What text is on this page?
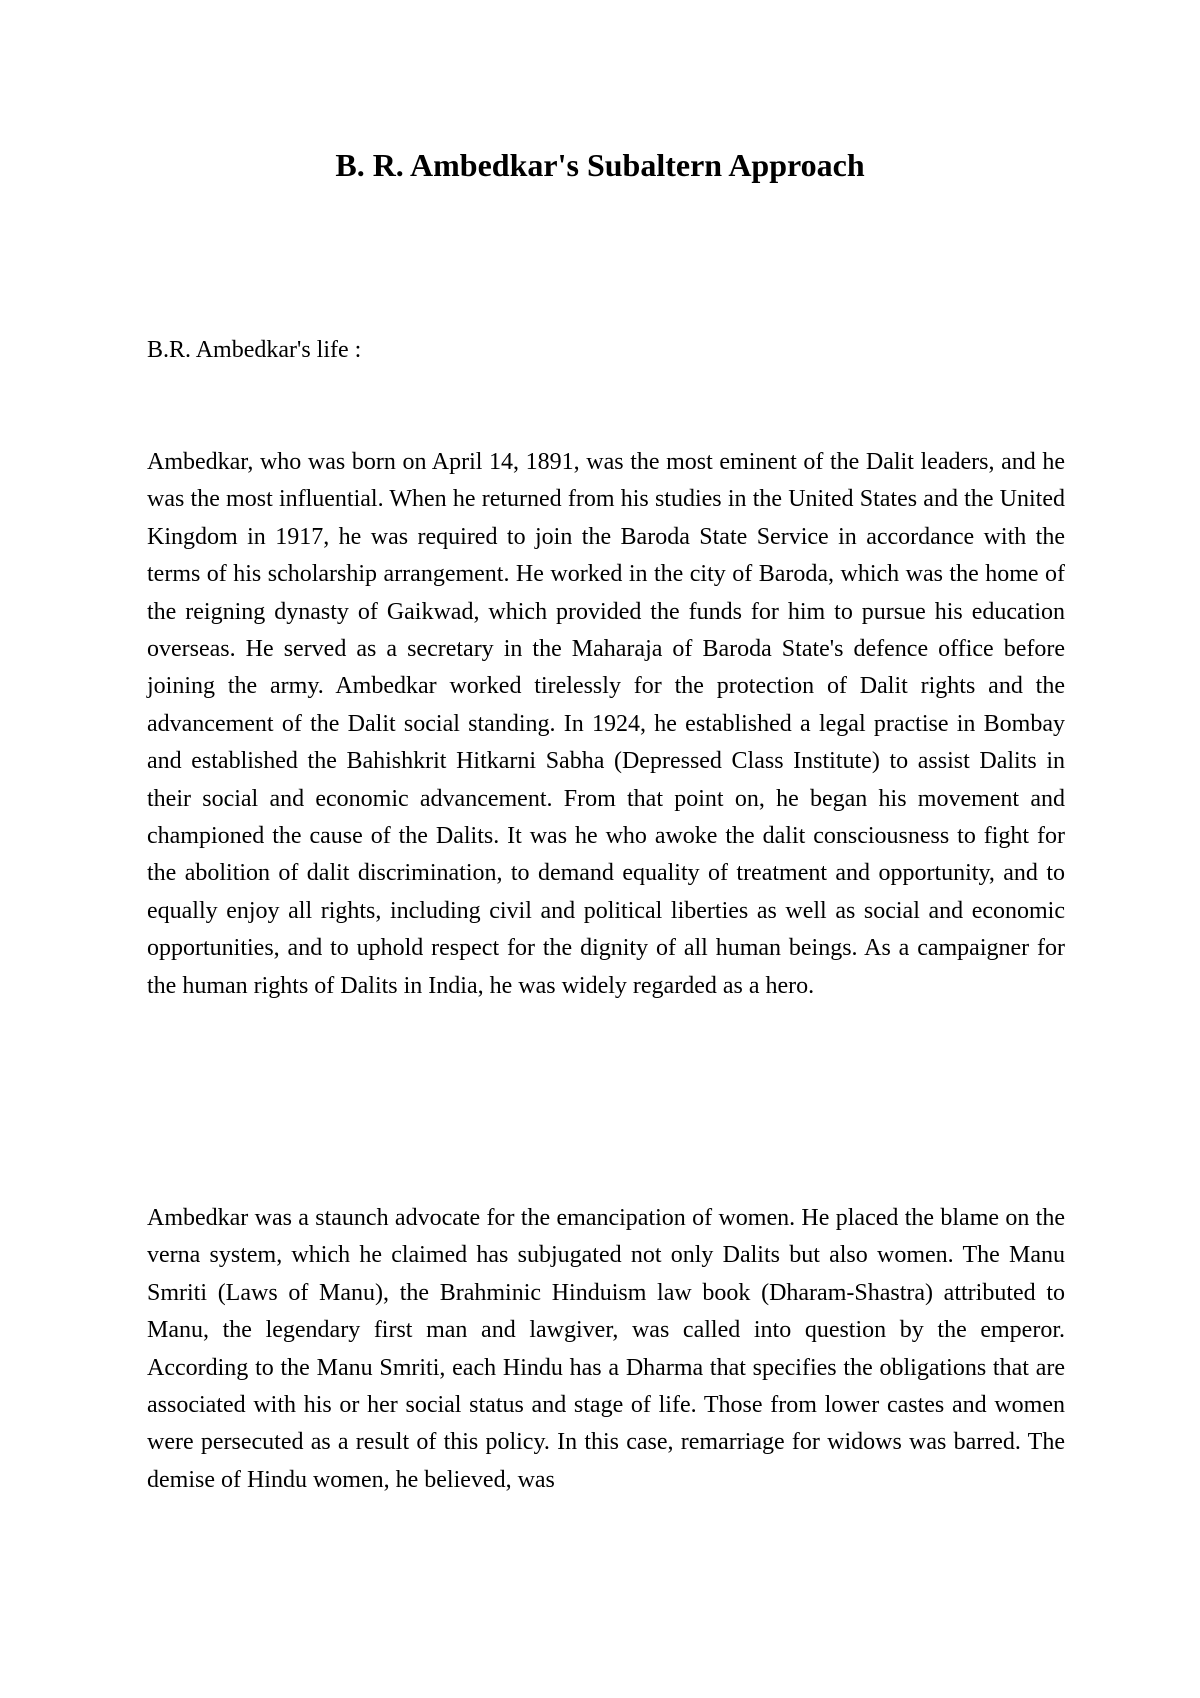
B. R. Ambedkar's Subaltern Approach

B.R. Ambedkar's life :

Ambedkar, who was born on April 14, 1891, was the most eminent of the Dalit leaders, and he was the most influential. When he returned from his studies in the United States and the United Kingdom in 1917, he was required to join the Baroda State Service in accordance with the terms of his scholarship arrangement. He worked in the city of Baroda, which was the home of the reigning dynasty of Gaikwad, which provided the funds for him to pursue his education overseas. He served as a secretary in the Maharaja of Baroda State's defence office before joining the army. Ambedkar worked tirelessly for the protection of Dalit rights and the advancement of the Dalit social standing. In 1924, he established a legal practise in Bombay and established the Bahishkrit Hitkarni Sabha (Depressed Class Institute) to assist Dalits in their social and economic advancement. From that point on, he began his movement and championed the cause of the Dalits. It was he who awoke the dalit consciousness to fight for the abolition of dalit discrimination, to demand equality of treatment and opportunity, and to equally enjoy all rights, including civil and political liberties as well as social and economic opportunities, and to uphold respect for the dignity of all human beings. As a campaigner for the human rights of Dalits in India, he was widely regarded as a hero.

Ambedkar was a staunch advocate for the emancipation of women. He placed the blame on the verna system, which he claimed has subjugated not only Dalits but also women. The Manu Smriti (Laws of Manu), the Brahminic Hinduism law book (Dharam-Shastra) attributed to Manu, the legendary first man and lawgiver, was called into question by the emperor. According to the Manu Smriti, each Hindu has a Dharma that specifies the obligations that are associated with his or her social status and stage of life. Those from lower castes and women were persecuted as a result of this policy. In this case, remarriage for widows was barred. The demise of Hindu women, he believed, was
